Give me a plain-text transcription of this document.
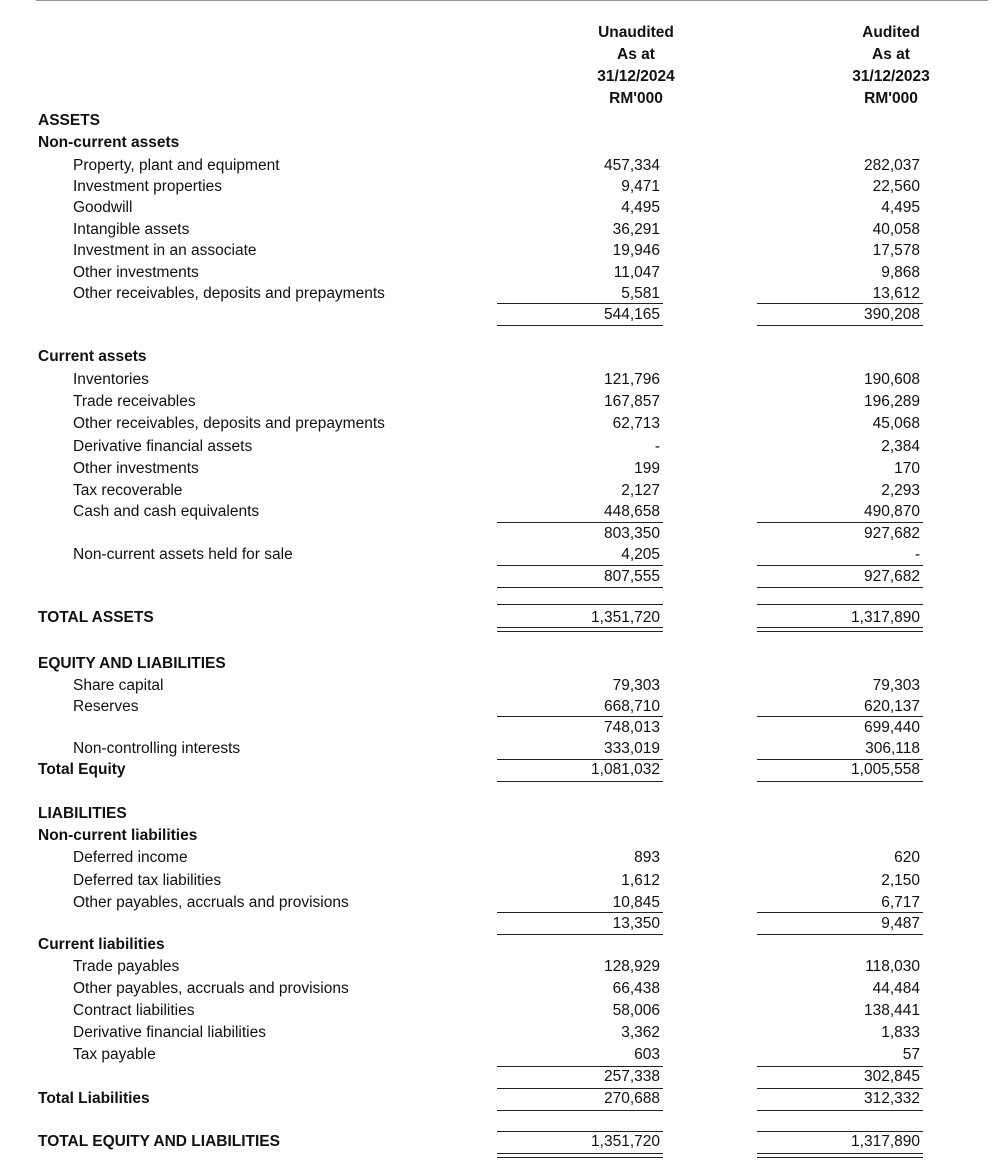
Unaudited
As at
31/12/2024
RM'000
Audited
As at
31/12/2023
RM'000
ASSETS
Non-current assets
Property, plant and equipment	457,334	282,037
Investment properties	9,471	22,560
Goodwill	4,495	4,495
Intangible assets	36,291	40,058
Investment in an associate	19,946	17,578
Other investments	11,047	9,868
Other receivables, deposits and prepayments	5,581	13,612
544,165	390,208
Current assets
Inventories	121,796	190,608
Trade receivables	167,857	196,289
Other receivables, deposits and prepayments	62,713	45,068
Derivative financial assets	-	2,384
Other investments	199	170
Tax recoverable	2,127	2,293
Cash and cash equivalents	448,658	490,870
803,350	927,682
Non-current assets held for sale	4,205	-
807,555	927,682
TOTAL ASSETS	1,351,720	1,317,890
EQUITY AND LIABILITIES
Share capital	79,303	79,303
Reserves	668,710	620,137
748,013	699,440
Non-controlling interests	333,019	306,118
Total Equity	1,081,032	1,005,558
LIABILITIES
Non-current liabilities
Deferred income	893	620
Deferred tax liabilities	1,612	2,150
Other payables, accruals and provisions	10,845	6,717
13,350	9,487
Current liabilities
Trade payables	128,929	118,030
Other payables, accruals and provisions	66,438	44,484
Contract liabilities	58,006	138,441
Derivative financial liabilities	3,362	1,833
Tax payable	603	57
257,338	302,845
Total Liabilities	270,688	312,332
TOTAL EQUITY AND LIABILITIES	1,351,720	1,317,890
